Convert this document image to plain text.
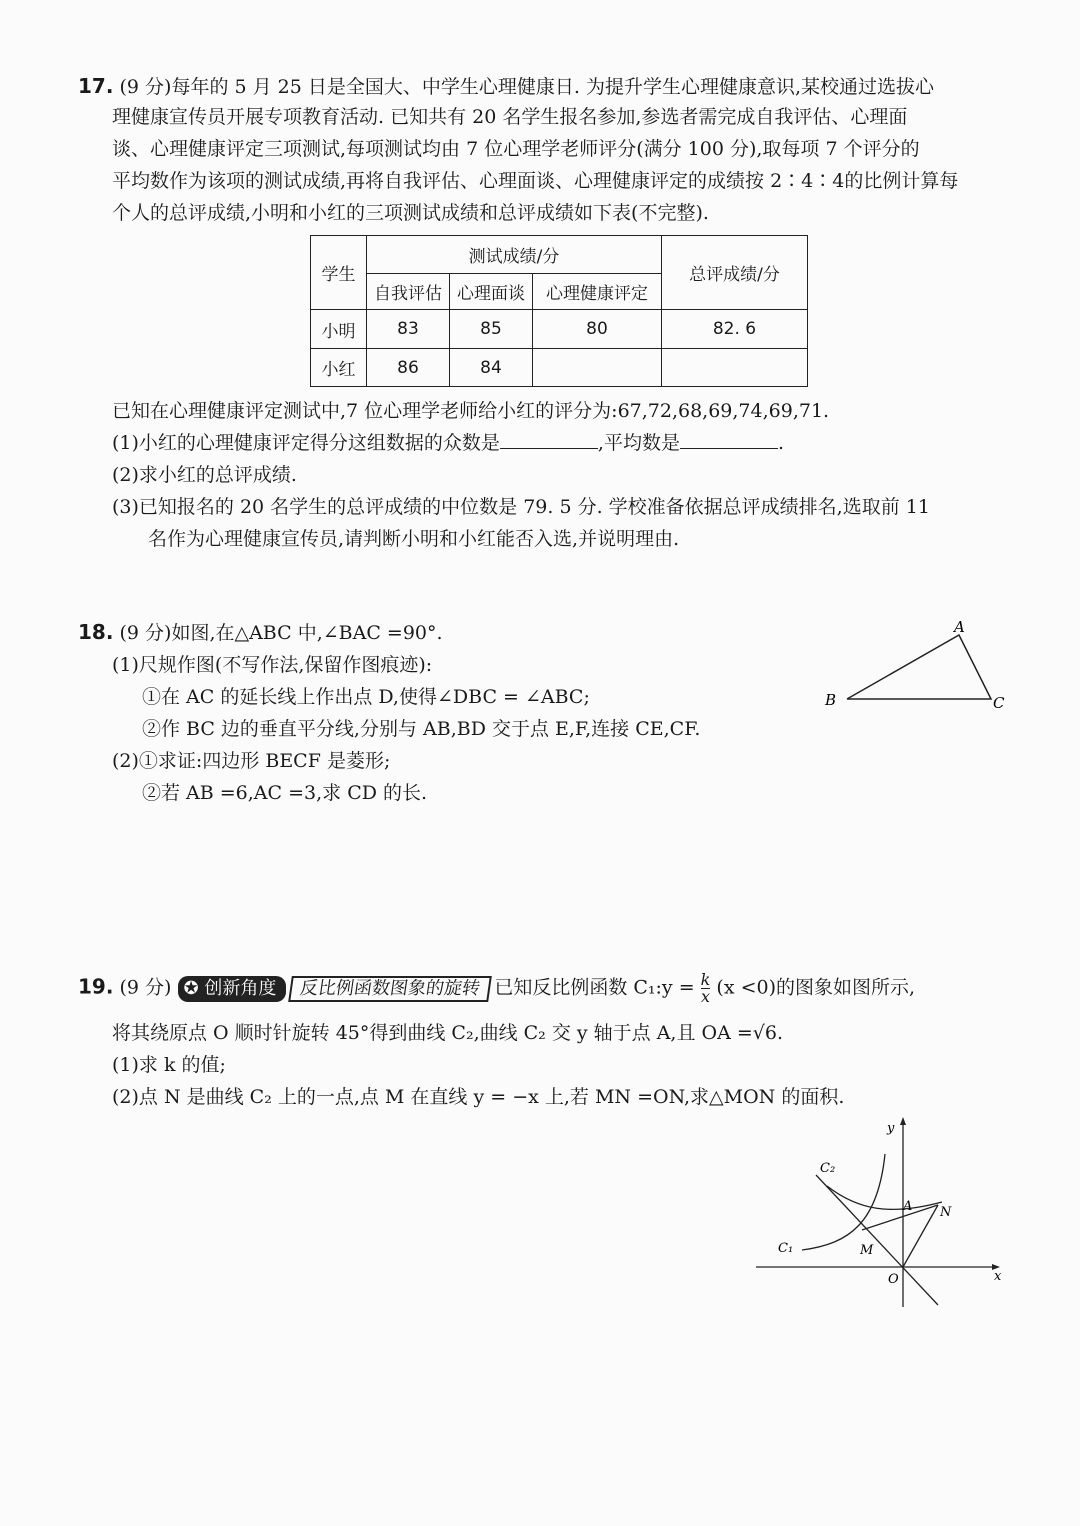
17. (9 分)每年的 5 月 25 日是全国大、中学生心理健康日. 为提升学生心理健康意识,某校通过选拔心
理健康宣传员开展专项教育活动. 已知共有 20 名学生报名参加,参选者需完成自我评估、心理面
谈、心理健康评定三项测试,每项测试均由 7 位心理学老师评分(满分 100 分),取每项 7 个评分的
平均数作为该项的测试成绩,再将自我评估、心理面谈、心理健康评定的成绩按 2∶4∶4的比例计算每
个人的总评成绩,小明和小红的三项测试成绩和总评成绩如下表(不完整).
学生	测试成绩/分			总评成绩/分
	自我评估	心理面谈	心理健康评定	
小明	83	85	80	82. 6
小红	86	84		
已知在心理健康评定测试中,7 位心理学老师给小红的评分为:67,72,68,69,74,69,71.
(1)小红的心理健康评定得分这组数据的众数是	,平均数是	.
(2)求小红的总评成绩.
(3)已知报名的 20 名学生的总评成绩的中位数是 79. 5 分. 学校准备依据总评成绩排名,选取前 11
名作为心理健康宣传员,请判断小明和小红能否入选,并说明理由.
18. (9 分)如图,在△ABC 中,∠BAC =90°.
(1)尺规作图(不写作法,保留作图痕迹):
①在 AC 的延长线上作出点 D,使得∠DBC = ∠ABC;
②作 BC 边的垂直平分线,分别与 AB,BD 交于点 E,F,连接 CE,CF.
(2)①求证:四边形 BECF 是菱形;
②若 AB =6,AC =3,求 CD 的长.
A
B	C
19. (9 分) ✪ 创新角度 反比例函数图象的旋转 已知反比例函数 C₁:y = $\frac{k}{x} (x <0)$的图象如图所示,
将其绕原点 O 顺时针旋转 45°得到曲线 C₂,曲线 C₂ 交 y 轴于点 A,且 OA =√6.
(1)求 k 的值;
(2)点 N 是曲线 C₂ 上的一点,点 M 在直线 y = −x 上,若 MN =ON,求△MON 的面积.
y
x
O
A N
M
C₁
C₂
